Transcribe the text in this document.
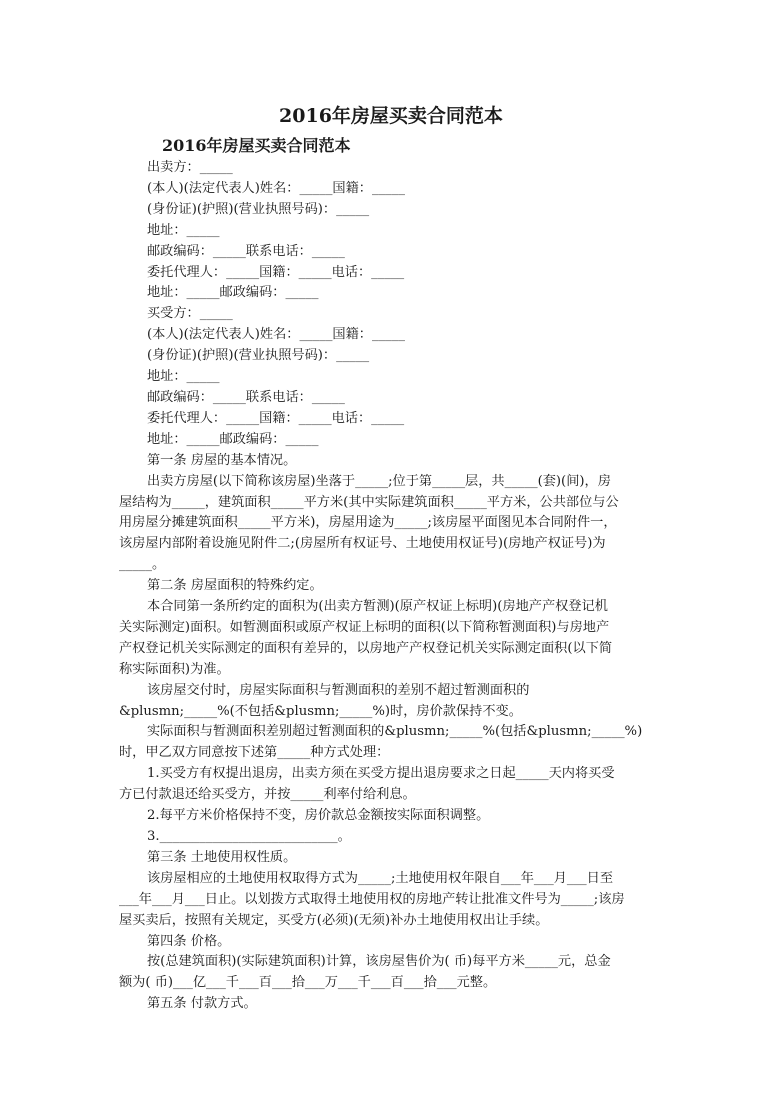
2016年房屋买卖合同范本
2016年房屋买卖合同范本
出卖方：_____
(本人)(法定代表人)姓名：_____国籍：_____
(身份证)(护照)(营业执照号码)：_____
地址：_____
邮政编码：_____联系电话：_____
委托代理人：_____国籍：_____电话：_____
地址：_____邮政编码：_____
买受方：_____
(本人)(法定代表人)姓名：_____国籍：_____
(身份证)(护照)(营业执照号码)：_____
地址：_____
邮政编码：_____联系电话：_____
委托代理人：_____国籍：_____电话：_____
地址：_____邮政编码：_____
第一条 房屋的基本情况。
出卖方房屋(以下简称该房屋)坐落于_____;位于第_____层，共_____(套)(间)，房
屋结构为_____，建筑面积_____平方米(其中实际建筑面积_____平方米，公共部位与公
用房屋分摊建筑面积_____平方米)，房屋用途为_____;该房屋平面图见本合同附件一，
该房屋内部附着设施见附件二;(房屋所有权证号、土地使用权证号)(房地产权证号)为
_____。
第二条 房屋面积的特殊约定。
本合同第一条所约定的面积为(出卖方暂测)(原产权证上标明)(房地产产权登记机
关实际测定)面积。如暂测面积或原产权证上标明的面积(以下简称暂测面积)与房地产
产权登记机关实际测定的面积有差异的，以房地产产权登记机关实际测定面积(以下简
称实际面积)为准。
该房屋交付时，房屋实际面积与暂测面积的差别不超过暂测面积的
&plusmn;_____%(不包括&plusmn;_____%)时，房价款保持不变。
实际面积与暂测面积差别超过暂测面积的&plusmn;_____%(包括&plusmn;_____%)
时，甲乙双方同意按下述第_____种方式处理：
1.买受方有权提出退房，出卖方须在买受方提出退房要求之日起_____天内将买受
方已付款退还给买受方，并按_____利率付给利息。
2.每平方米价格保持不变，房价款总金额按实际面积调整。
3.___________________________。
第三条 土地使用权性质。
该房屋相应的土地使用权取得方式为_____;土地使用权年限自___年___月___日至
___年___月___日止。以划拨方式取得土地使用权的房地产转让批准文件号为_____;该房
屋买卖后，按照有关规定，买受方(必须)(无须)补办土地使用权出让手续。
第四条 价格。
按(总建筑面积)(实际建筑面积)计算，该房屋售价为( 币)每平方米_____元，总金
额为( 币)___亿___千___百___拾___万___千___百___拾___元整。
第五条 付款方式。
